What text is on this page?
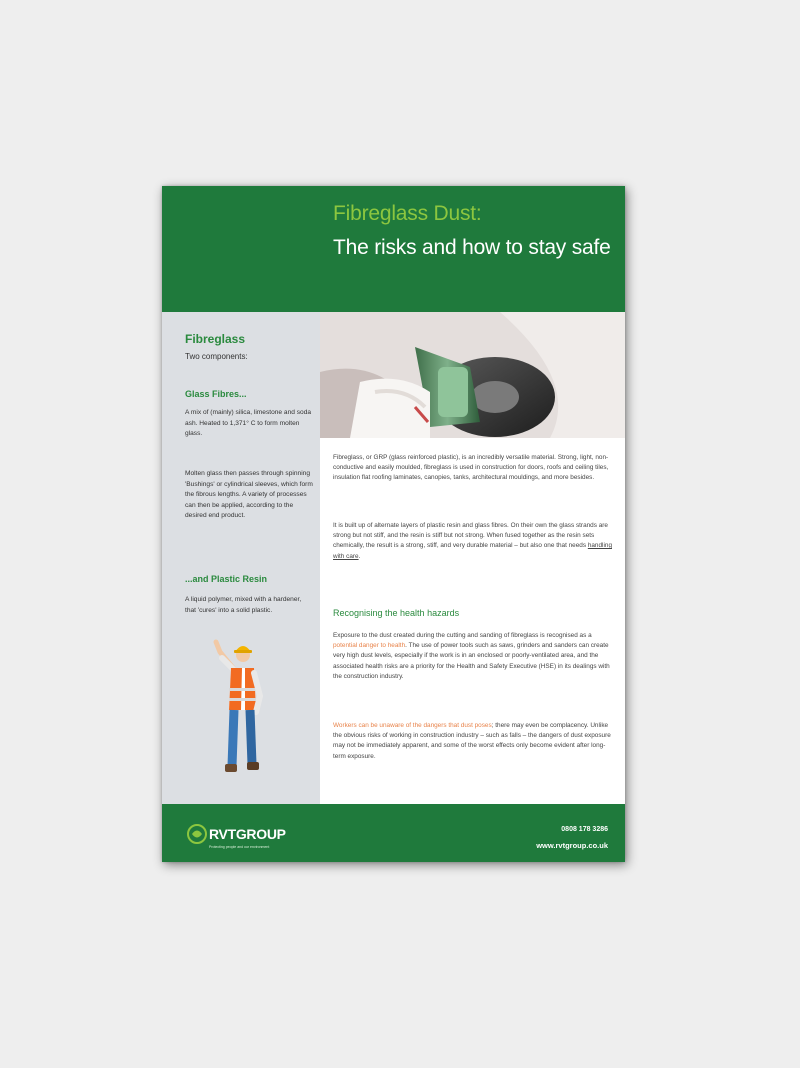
Fibreglass Dust:
The risks and how to stay safe
Fibreglass
Two components:
Glass Fibres...
A mix of (mainly) silica, limestone and soda ash. Heated to 1,371° C to form molten glass.
Molten glass then passes through spinning 'Bushings' or cylindrical sleeves, which form the fibrous lengths. A variety of processes can then be applied, according to the desired end product.
...and Plastic Resin
A liquid polymer, mixed with a hardener, that 'cures' into a solid plastic.
Fibreglass, or GRP (glass reinforced plastic), is an incredibly versatile material. Strong, light, non-conductive and easily moulded, fibreglass is used in construction for doors, roofs and ceiling tiles, insulation flat roofing laminates, canopies, tanks, architectural mouldings, and more besides.
It is built up of alternate layers of plastic resin and glass fibres. On their own the glass strands are strong but not stiff, and the resin is stiff but not strong. When fused together as the resin sets chemically, the result is a strong, stiff, and very durable material – but also one that needs handling with care.
Recognising the health hazards
Exposure to the dust created during the cutting and sanding of fibreglass is recognised as a potential danger to health. The use of power tools such as saws, grinders and sanders can create very high dust levels, especially if the work is in an enclosed or poorly-ventilated area, and the associated health risks are a priority for the Health and Safety Executive (HSE) in its dealings with the construction industry.
Workers can be unaware of the dangers that dust poses; there may even be complacency. Unlike the obvious risks of working in construction industry – such as falls – the dangers of dust exposure may not be immediately apparent, and some of the worst effects only become evident after long-term exposure.
RVTGROUP
Protecting people and our environment
0808 178 3286
www.rvtgroup.co.uk
